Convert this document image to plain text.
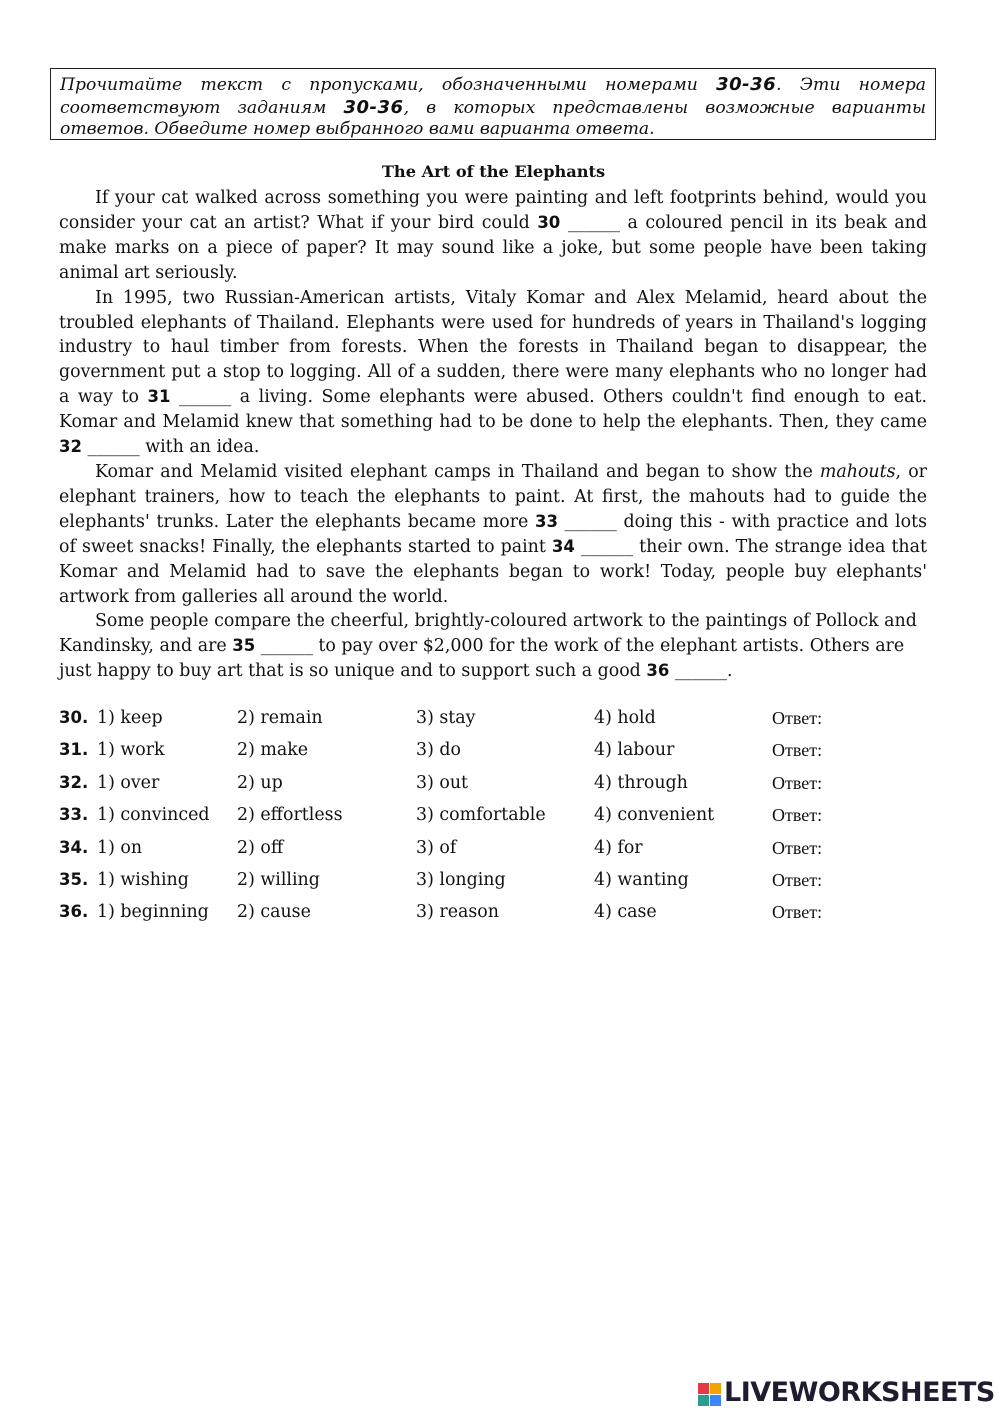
Прочитайте текст с пропусками, обозначенными номерами 30-36. Эти номера соответствуют заданиям 30-36, в которых представлены возможные варианты ответов. Обведите номер выбранного вами варианта ответа.
The Art of the Elephants

If your cat walked across something you were painting and left footprints behind, would you consider your cat an artist? What if your bird could 30 ______ a coloured pencil in its beak and make marks on a piece of paper? It may sound like a joke, but some people have been taking animal art seriously.

In 1995, two Russian-American artists, Vitaly Komar and Alex Melamid, heard about the troubled elephants of Thailand. Elephants were used for hundreds of years in Thailand's logging industry to haul timber from forests. When the forests in Thailand began to disappear, the government put a stop to logging. All of a sudden, there were many elephants who no longer had a way to 31 ______ a living. Some elephants were abused. Others couldn't find enough to eat. Komar and Melamid knew that something had to be done to help the elephants. Then, they came 32 ______ with an idea.

Komar and Melamid visited elephant camps in Thailand and began to show the mahouts, or elephant trainers, how to teach the elephants to paint. At first, the mahouts had to guide the elephants' trunks. Later the elephants became more 33 ______ doing this - with practice and lots of sweet snacks! Finally, the elephants started to paint 34 ______ their own. The strange idea that Komar and Melamid had to save the elephants began to work! Today, people buy elephants' artwork from galleries all around the world.

Some people compare the cheerful, brightly-coloured artwork to the paintings of Pollock and Kandinsky, and are 35 ______ to pay over $2,000 for the work of the elephant artists. Others are just happy to buy art that is so unique and to support such a good 36 ______.

30. 1) keep	2) remain	3) stay	4) hold	Ответ:
31. 1) work	2) make	3) do	4) labour	Ответ:
32. 1) over	2) up	3) out	4) through	Ответ:
33. 1) convinced 2) effortless	3) comfortable	4) convenient	Ответ:
34. 1) on	2) off	3) of	4) for	Ответ:
35. 1) wishing	2) willing	3) longing	4) wanting	Ответ:
36. 1) beginning 2) cause	3) reason	4) case	Ответ:
LIVEWORKSHEETS
